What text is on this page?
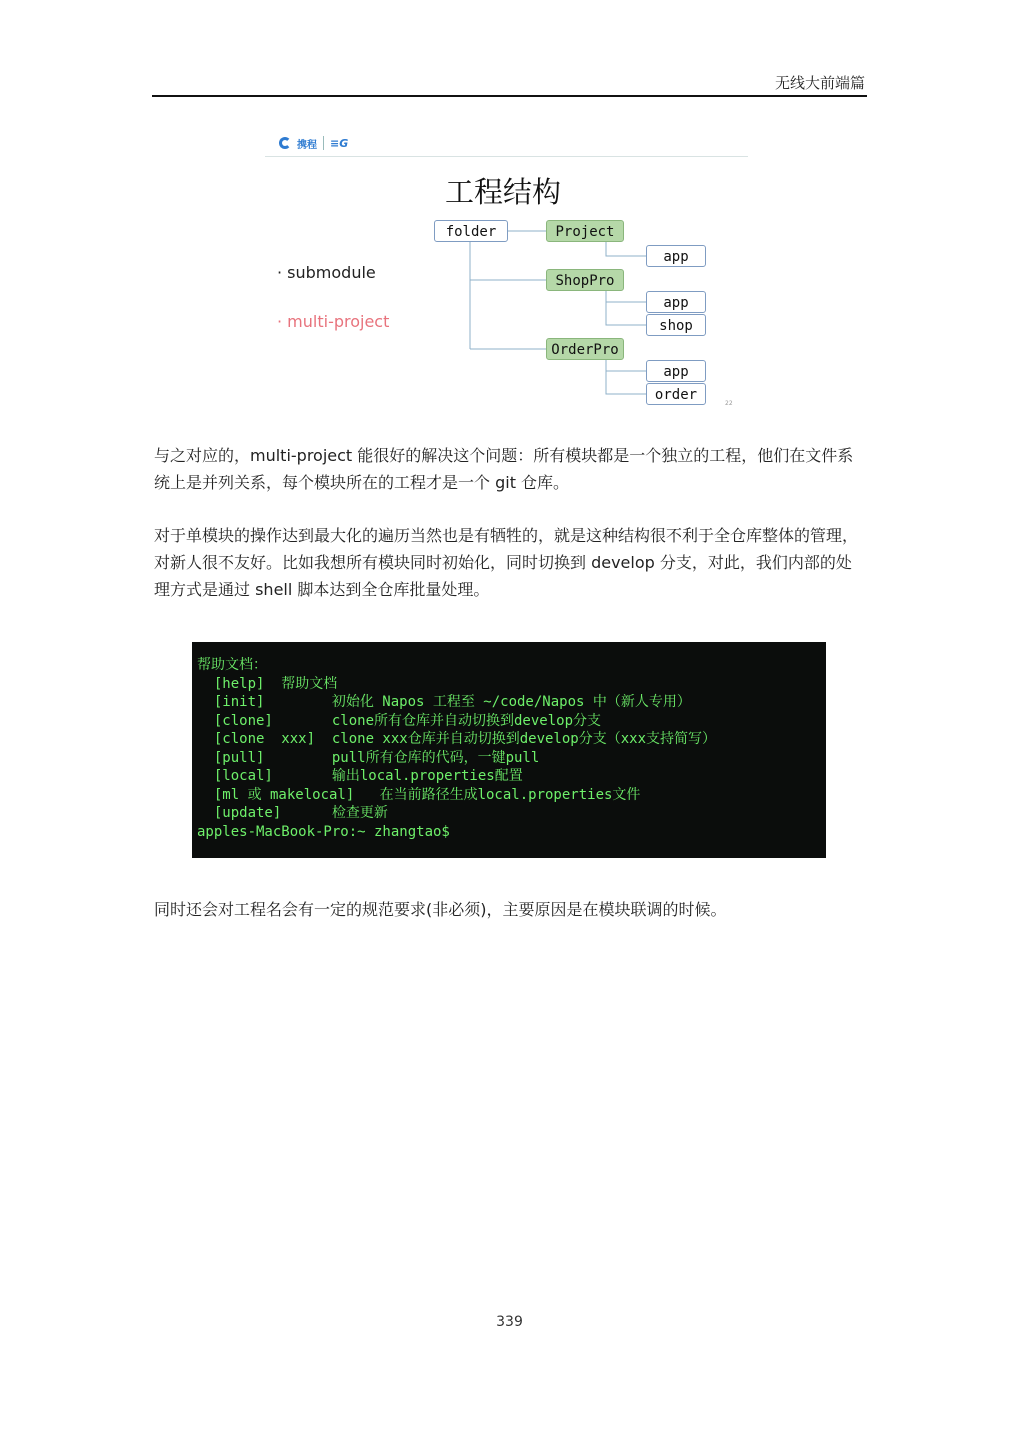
无线大前端篇
携程 ≡G
工程结构
· submodule
· multi-project
folder	Project
app
ShopPro
app
shop
OrderPro
app
order
22
与之对应的，multi-project 能很好的解决这个问题：所有模块都是一个独立的工程，他们在文件系统上是并列关系，每个模块所在的工程才是一个 git 仓库。
对于单模块的操作达到最大化的遍历当然也是有牺牲的，就是这种结构很不利于全仓库整体的管理，对新人很不友好。比如我想所有模块同时初始化，同时切换到 develop 分支，对此，我们内部的处理方式是通过 shell 脚本达到全仓库批量处理。
帮助文档：
[help]  帮助文档
[init]        初始化 Napos 工程至 ~/code/Napos 中（新人专用）
[clone]       clone所有仓库并自动切换到develop分支
[clone  xxx]  clone xxx仓库并自动切换到develop分支（xxx支持简写）
[pull]        pull所有仓库的代码，一键pull
[local]       输出local.properties配置
[ml 或 makelocal]   在当前路径生成local.properties文件
[update]      检查更新
apples-MacBook-Pro:~ zhangtao$
同时还会对工程名会有一定的规范要求(非必须)，主要原因是在模块联调的时候。
339
